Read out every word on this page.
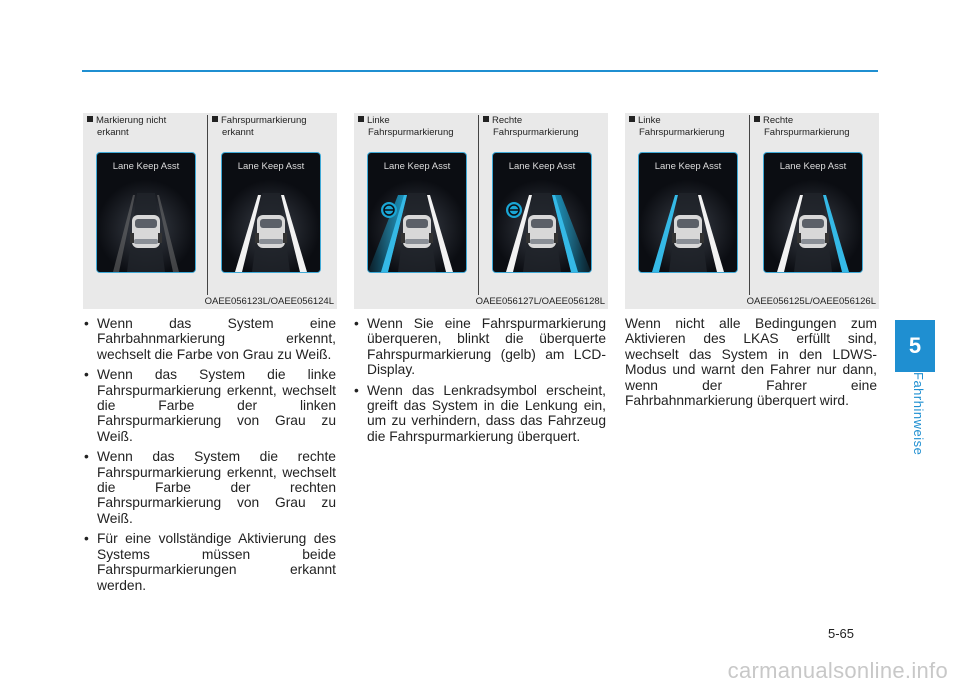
5
Fahrhinweise
Markierung nicht
erkannt
Fahrspurmarkierung
erkannt
Lane Keep Asst	Lane Keep Asst
OAEE056123L/OAEE056124L
Linke
Fahrspurmarkierung
Rechte
Fahrspurmarkierung
Lane Keep Asst	Lane Keep Asst
OAEE056127L/OAEE056128L
Linke
Fahrspurmarkierung
Rechte
Fahrspurmarkierung
Lane Keep Asst	Lane Keep Asst
OAEE056125L/OAEE056126L
• Wenn das System eine Fahrbahnmarkierung erkennt, wechselt die Farbe von Grau zu Weiß.
• Wenn das System die linke Fahrspurmarkierung erkennt, wechselt die Farbe der linken Fahrspurmarkierung von Grau zu Weiß.
• Wenn das System die rechte Fahrspurmarkierung erkennt, wechselt die Farbe der rechten Fahrspurmarkierung von Grau zu Weiß.
• Für eine vollständige Aktivierung des Systems müssen beide Fahrspurmarkierungen erkannt werden.
• Wenn Sie eine Fahrspurmarkierung überqueren, blinkt die überquerte Fahrspurmarkierung (gelb) am LCD-Display.
• Wenn das Lenkradsymbol erscheint, greift das System in die Lenkung ein, um zu verhindern, dass das Fahrzeug die Fahrspurmarkierung überquert.

Wenn nicht alle Bedingungen zum Aktivieren des LKAS erfüllt sind, wechselt das System in den LDWS-Modus und warnt den Fahrer nur dann, wenn der Fahrer eine Fahrbahnmarkierung überquert wird.

5-65
carmanualsonline.info
